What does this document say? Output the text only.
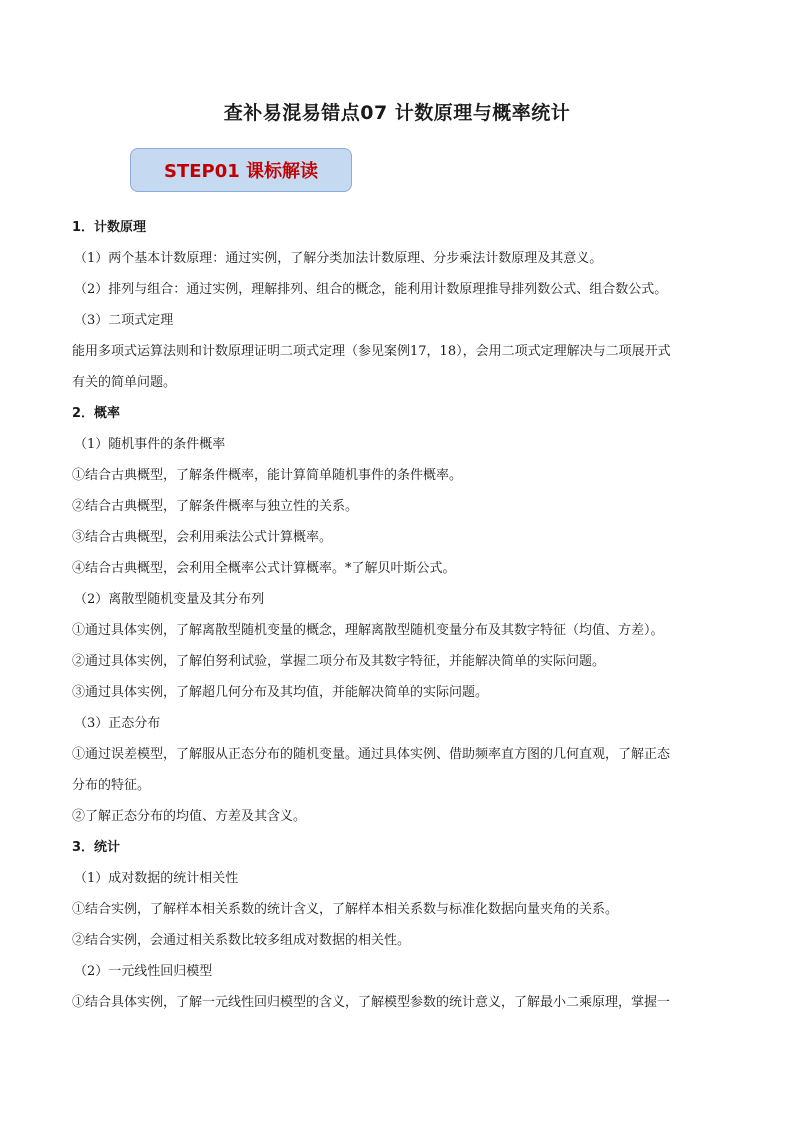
查补易混易错点07 计数原理与概率统计
STEP01 课标解读
1．计数原理
（1）两个基本计数原理：通过实例，了解分类加法计数原理、分步乘法计数原理及其意义。
（2）排列与组合：通过实例，理解排列、组合的概念，能利用计数原理推导排列数公式、组合数公式。
（3）二项式定理
能用多项式运算法则和计数原理证明二项式定理（参见案例17，18），会用二项式定理解决与二项展开式
有关的简单问题。
2．概率
（1）随机事件的条件概率
①结合古典概型，了解条件概率，能计算简单随机事件的条件概率。
②结合古典概型，了解条件概率与独立性的关系。
③结合古典概型，会利用乘法公式计算概率。
④结合古典概型，会利用全概率公式计算概率。*了解贝叶斯公式。
（2）离散型随机变量及其分布列
①通过具体实例，了解离散型随机变量的概念，理解离散型随机变量分布及其数字特征（均值、方差）。
②通过具体实例，了解伯努利试验，掌握二项分布及其数字特征，并能解决简单的实际问题。
③通过具体实例，了解超几何分布及其均值，并能解决简单的实际问题。
（3）正态分布
①通过误差模型，了解服从正态分布的随机变量。通过具体实例、借助频率直方图的几何直观，了解正态
分布的特征。
②了解正态分布的均值、方差及其含义。
3．统计
（1）成对数据的统计相关性
①结合实例，了解样本相关系数的统计含义，了解样本相关系数与标准化数据向量夹角的关系。
②结合实例，会通过相关系数比较多组成对数据的相关性。
（2）一元线性回归模型
①结合具体实例，了解一元线性回归模型的含义，了解模型参数的统计意义，了解最小二乘原理，掌握一
